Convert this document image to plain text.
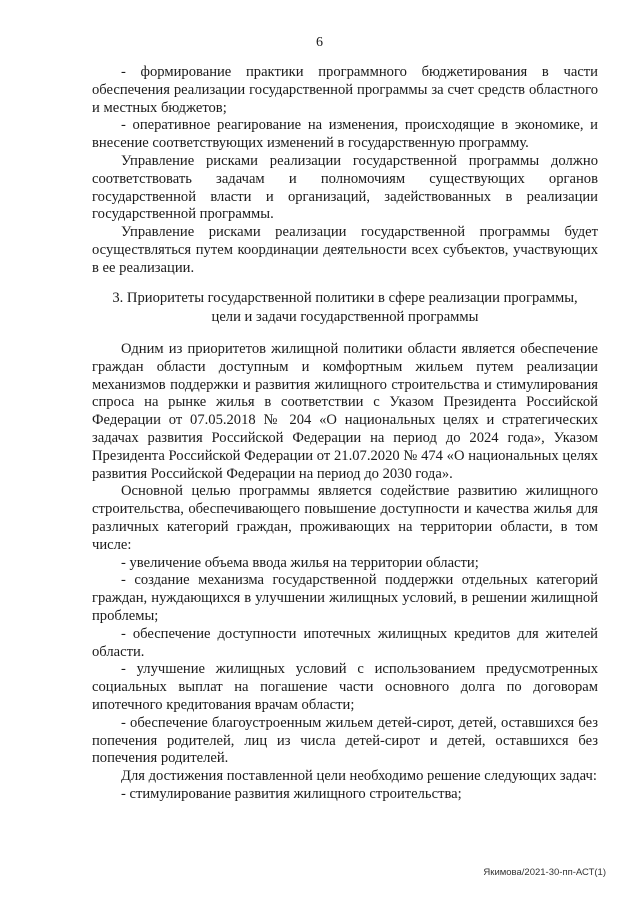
6

- формирование практики программного бюджетирования в части обеспечения реализации государственной программы за счет средств областного и местных бюджетов;

- оперативное реагирование на изменения, происходящие в экономике, и внесение соответствующих изменений в государственную программу.

Управление рисками реализации государственной программы должно соответствовать задачам и полномочиям существующих органов государственной власти и организаций, задействованных в реализации государственной программы.

Управление рисками реализации государственной программы будет осуществляться путем координации деятельности всех субъектов, участвующих в ее реализации.

3. Приоритеты государственной политики в сфере реализации программы,
цели и задачи государственной программы

Одним из приоритетов жилищной политики области является обеспечение граждан области доступным и комфортным жильем путем реализации механизмов поддержки и развития жилищного строительства и стимулирования спроса на рынке жилья в соответствии с Указом Президента Российской Федерации от 07.05.2018 № 204 «О национальных целях и стратегических задачах развития Российской Федерации на период до 2024 года», Указом Президента Российской Федерации от 21.07.2020 № 474 «О национальных целях развития Российской Федерации на период до 2030 года».

Основной целью программы является содействие развитию жилищного строительства, обеспечивающего повышение доступности и качества жилья для различных категорий граждан, проживающих на территории области, в том числе:

- увеличение объема ввода жилья на территории области;

- создание механизма государственной поддержки отдельных категорий граждан, нуждающихся в улучшении жилищных условий, в решении жилищной проблемы;

- обеспечение доступности ипотечных жилищных кредитов для жителей области.

- улучшение жилищных условий с использованием предусмотренных социальных выплат на погашение части основного долга по договорам ипотечного кредитования врачам области;

- обеспечение благоустроенным жильем детей-сирот, детей, оставшихся без попечения родителей, лиц из числа детей-сирот и детей, оставшихся без попечения родителей.

Для достижения поставленной цели необходимо решение следующих задач:

- стимулирование развития жилищного строительства;

Якимова/2021-30-пп-АСТ(1)
